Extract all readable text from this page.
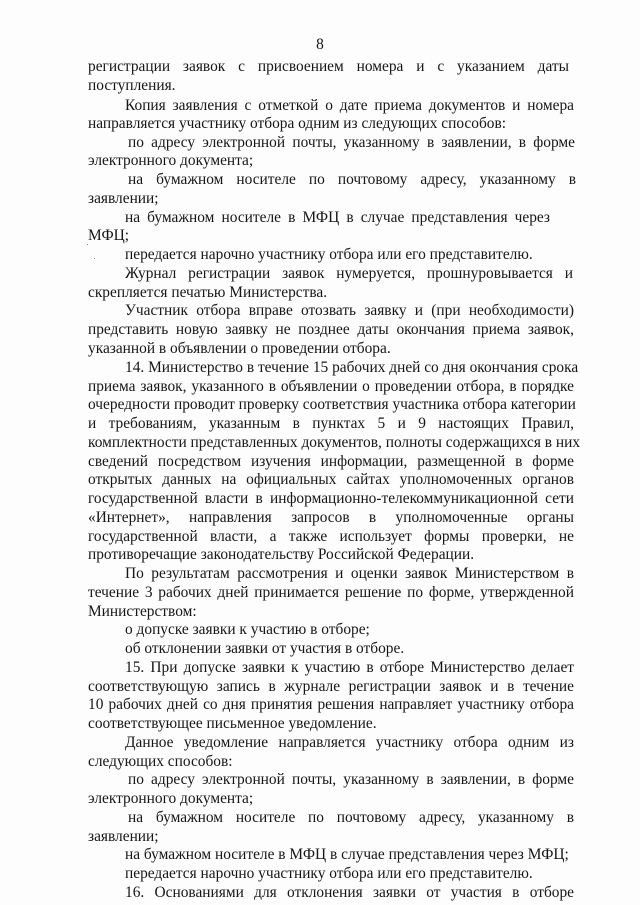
8
регистрации заявок с присвоением номера и с указанием даты
поступления.
Копия заявления с отметкой о дате приема документов и номера
направляется участнику отбора одним из следующих способов:
по адресу электронной почты, указанному в заявлении, в форме
электронного документа;
на бумажном носителе по почтовому адресу, указанному в
заявлении;
на бумажном носителе в МФЦ в случае представления через
МФЦ;
передается нарочно участнику отбора или его представителю.
Журнал регистрации заявок нумеруется, прошнуровывается и
скрепляется печатью Министерства.
Участник отбора вправе отозвать заявку и (при необходимости)
представить новую заявку не позднее даты окончания приема заявок,
указанной в объявлении о проведении отбора.
14. Министерство в течение 15 рабочих дней со дня окончания срока
приема заявок, указанного в объявлении о проведении отбора, в порядке
очередности проводит проверку соответствия участника отбора категории
и требованиям, указанным в пунктах 5 и 9 настоящих Правил,
комплектности представленных документов, полноты содержащихся в них
сведений посредством изучения информации, размещенной в форме
открытых данных на официальных сайтах уполномоченных органов
государственной власти в информационно-телекоммуникационной сети
«Интернет», направления запросов в уполномоченные органы
государственной власти, а также использует формы проверки, не
противоречащие законодательству Российской Федерации.
По результатам рассмотрения и оценки заявок Министерством в
течение 3 рабочих дней принимается решение по форме, утвержденной
Министерством:
о допуске заявки к участию в отборе;
об отклонении заявки от участия в отборе.
15. При допуске заявки к участию в отборе Министерство делает
соответствующую запись в журнале регистрации заявок и в течение
10 рабочих дней со дня принятия решения направляет участнику отбора
соответствующее письменное уведомление.
Данное уведомление направляется участнику отбора одним из
следующих способов:
по адресу электронной почты, указанному в заявлении, в форме
электронного документа;
на бумажном носителе по почтовому адресу, указанному в
заявлении;
на бумажном носителе в МФЦ в случае представления через МФЦ;
передается нарочно участнику отбора или его представителю.
16. Основаниями для отклонения заявки от участия в отборе
